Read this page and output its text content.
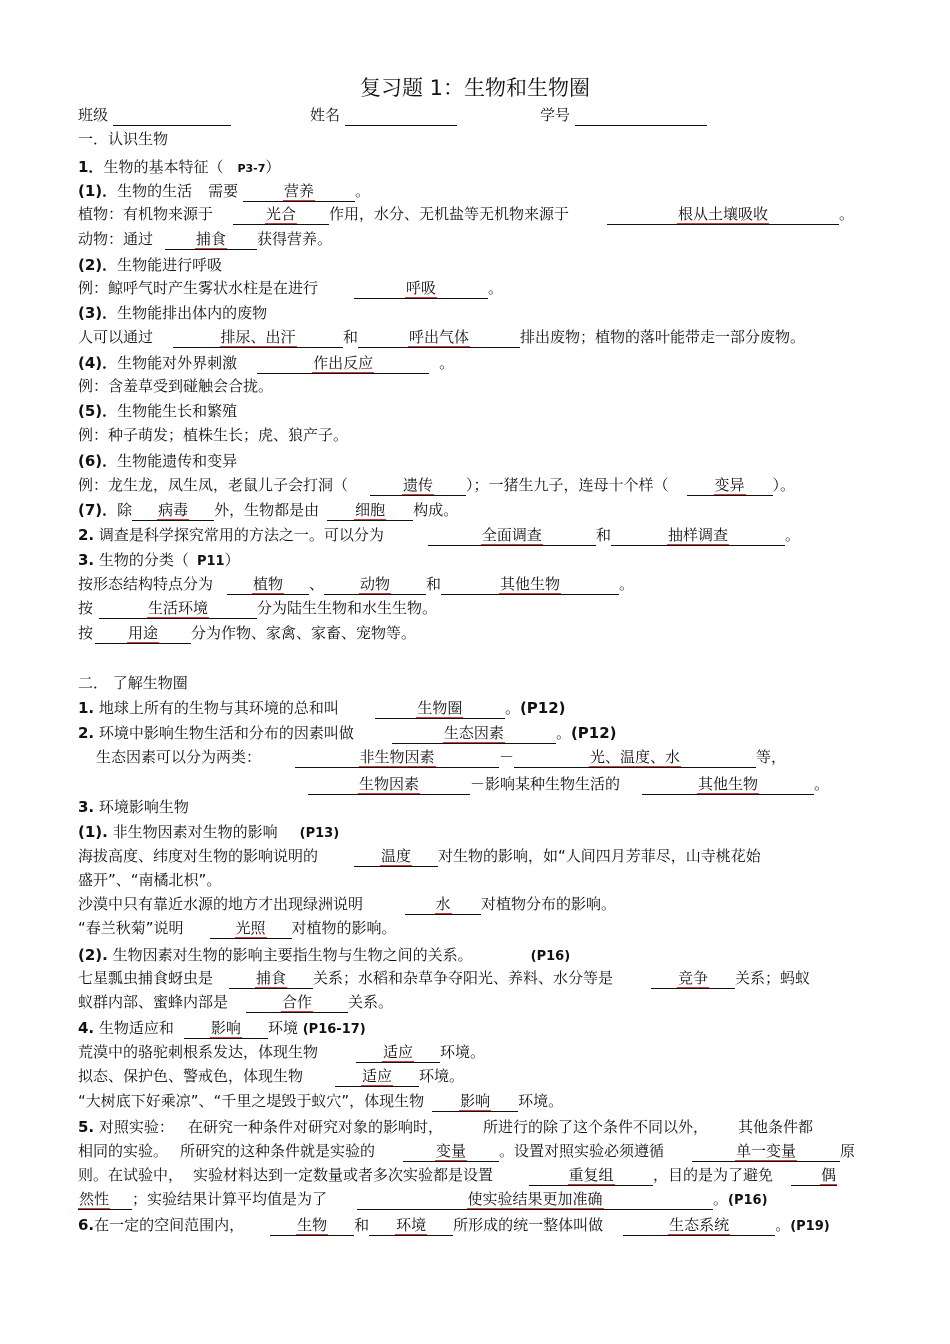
复习题 1：生物和生物圈
班级	姓名	学号
一．认识生物
1．生物的基本特征（ P3-7）
(1)．生物的生活 需要	营养	。
植物：有机物来源于	光合 作用，水分、无机盐等无机物来源于	根从土壤吸收	。
动物：通过	捕食 获得营养。
(2)．生物能进行呼吸
例：鲸呼气时产生雾状水柱是在进行	呼吸	。
(3)．生物能排出体内的废物
人可以通过	排尿、出汗	和	呼出气体	排出废物；植物的落叶能带走一部分废物。
(4)．生物能对外界刺激	作出反应	。
例：含羞草受到碰触会合拢。
(5)．生物能生长和繁殖
例：种子萌发；植株生长；虎、狼产子。
(6)．生物能遗传和变异
例：龙生龙，凤生凤，老鼠儿子会打洞（	遗传 ）；一猪生九子，连母十个样（	变异 ）。
(7)．除 病毒 外，生物都是由 细胞 构成。
2. 调查是科学探究常用的方法之一。可以分为	全面调查	和	抽样调查	。
3. 生物的分类（ P11）
按形态结构特点分为	植物 、 动物 和	其他生物	。
按	生活环境	分为陆生生物和水生生物。
按 用途 分为作物、家禽、家畜、宠物等。
二． 了解生物圈
1. 地球上所有的生物与其环境的总和叫	生物圈	。(P12)
2. 环境中影响生物生活和分布的因素叫做	生态因素	。(P12)
生态因素可以分为两类：	非生物因素	－	光、温度、水	等，
生物因素	－影响某种生物生活的	其他生物	。
3. 环境影响生物
(1). 非生物因素对生物的影响 (P13)
海拔高度、纬度对生物的影响说明的	温度 对生物的影响，如“人间四月芳菲尽，山寺桃花始
盛开”、“南橘北枳”。
沙漠中只有靠近水源的地方才出现绿洲说明	水 对植物分布的影响。
“春兰秋菊”说明	光照 对植物的影响。
(2). 生物因素对生物的影响主要指生物与生物之间的关系。	(P16)
七星瓢虫捕食蚜虫是	捕食 关系；水稻和杂草争夺阳光、养料、水分等是	竞争 关系；蚂蚁
蚁群内部、蜜蜂内部是	合作 关系。
4. 生物适应和 影响 环境 (P16-17)
荒漠中的骆驼刺根系发达，体现生物	适应 环境。
拟态、保护色、警戒色，体现生物	适应 环境。
“大树底下好乘凉”、“千里之堤毁于蚁穴”，体现生物 影响 环境。
5. 对照实验： 在研究一种条件对研究对象的影响时，	所进行的除了这个条件不同以外， 其他条件都
相同的实验。 所研究的这种条件就是实验的	变量 。设置对照实验必须遵循	单一变量	原
则。在试验中， 实验材料达到一定数量或者多次实验都是设置	重复组	，目的是为了避免	偶
然性 ；实验结果计算平均值是为了	使实验结果更加准确	。(P16)
6.在一定的空间范围内，	生物 和 环境 所形成的统一整体叫做	生态系统	。(P19)
